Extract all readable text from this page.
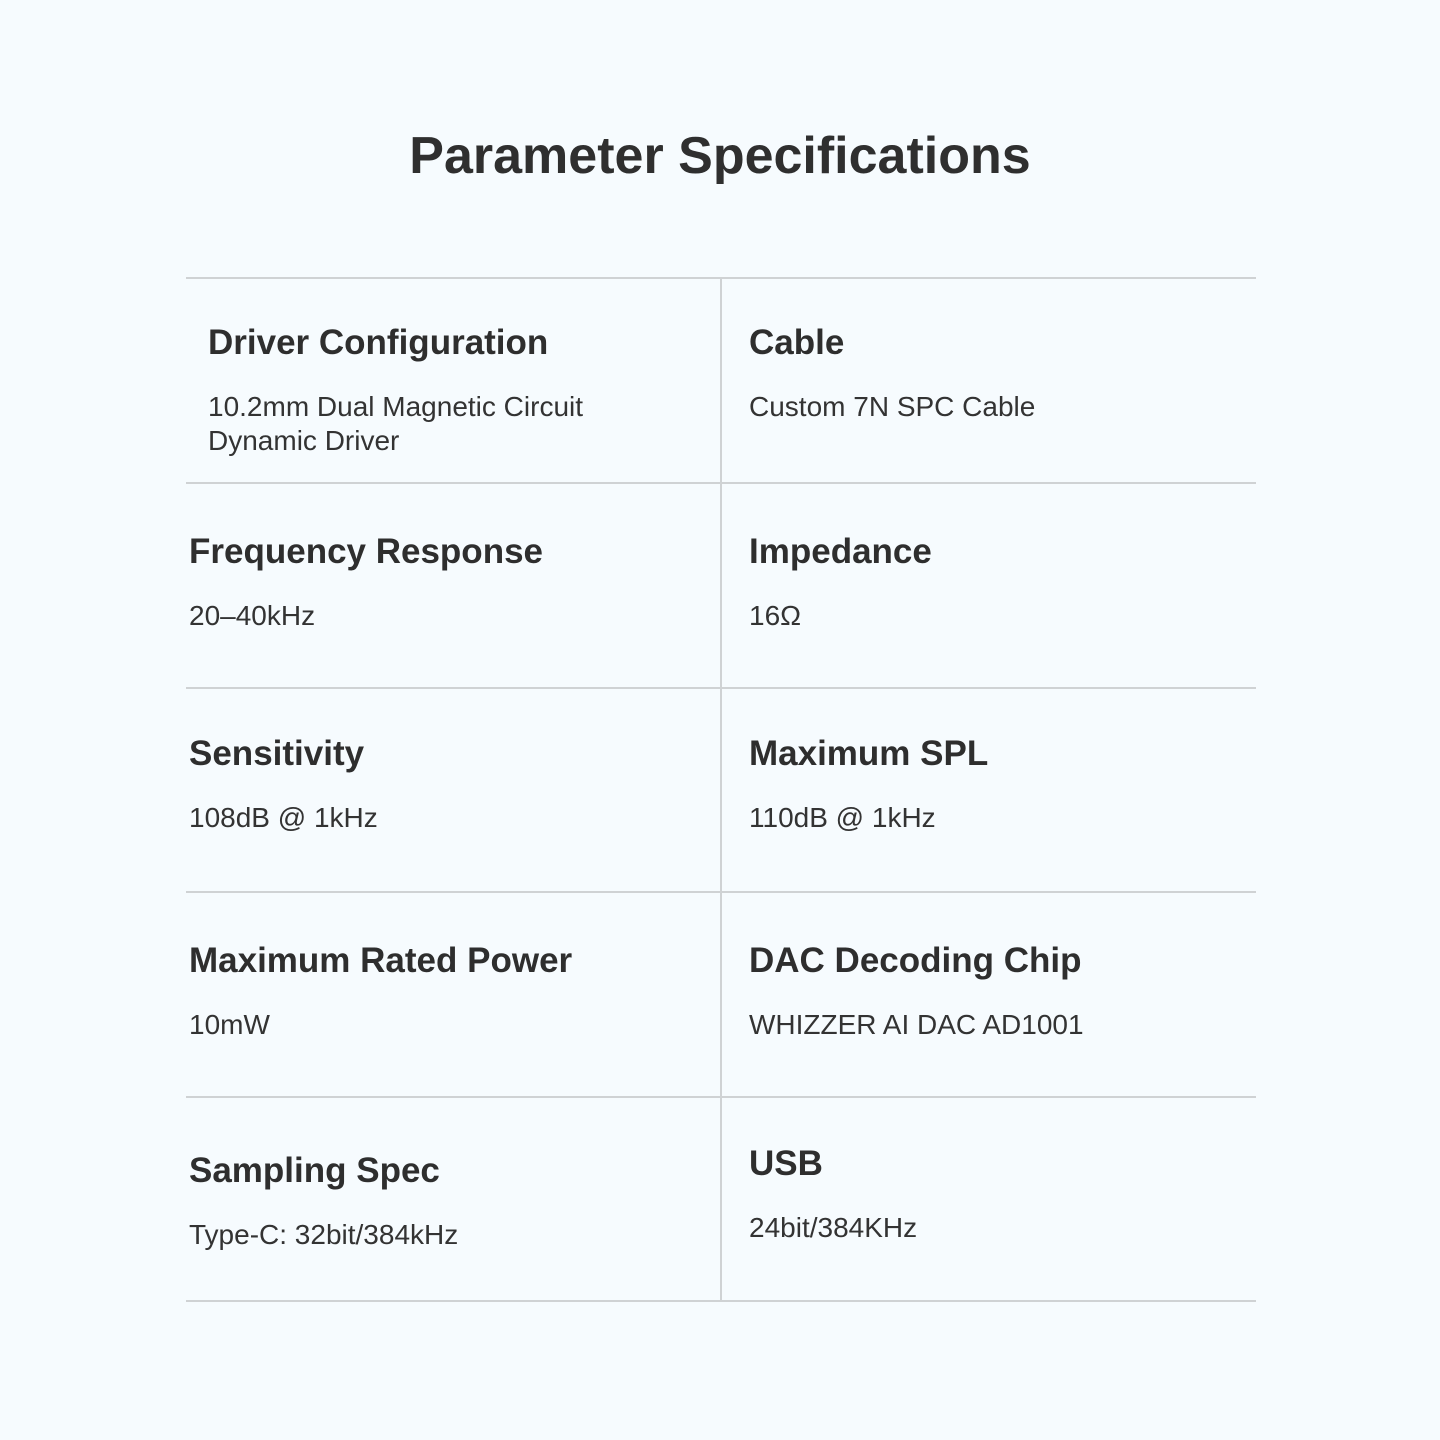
Parameter Specifications
Driver Configuration
10.2mm Dual Magnetic Circuit Dynamic Driver
Cable
Custom 7N SPC Cable
Frequency Response
20–40kHz
Impedance
16Ω
Sensitivity
108dB @ 1kHz
Maximum SPL
110dB @ 1kHz
Maximum Rated Power
10mW
DAC Decoding Chip
WHIZZER AI DAC AD1001
Sampling Spec
Type-C: 32bit/384kHz
USB
24bit/384KHz
